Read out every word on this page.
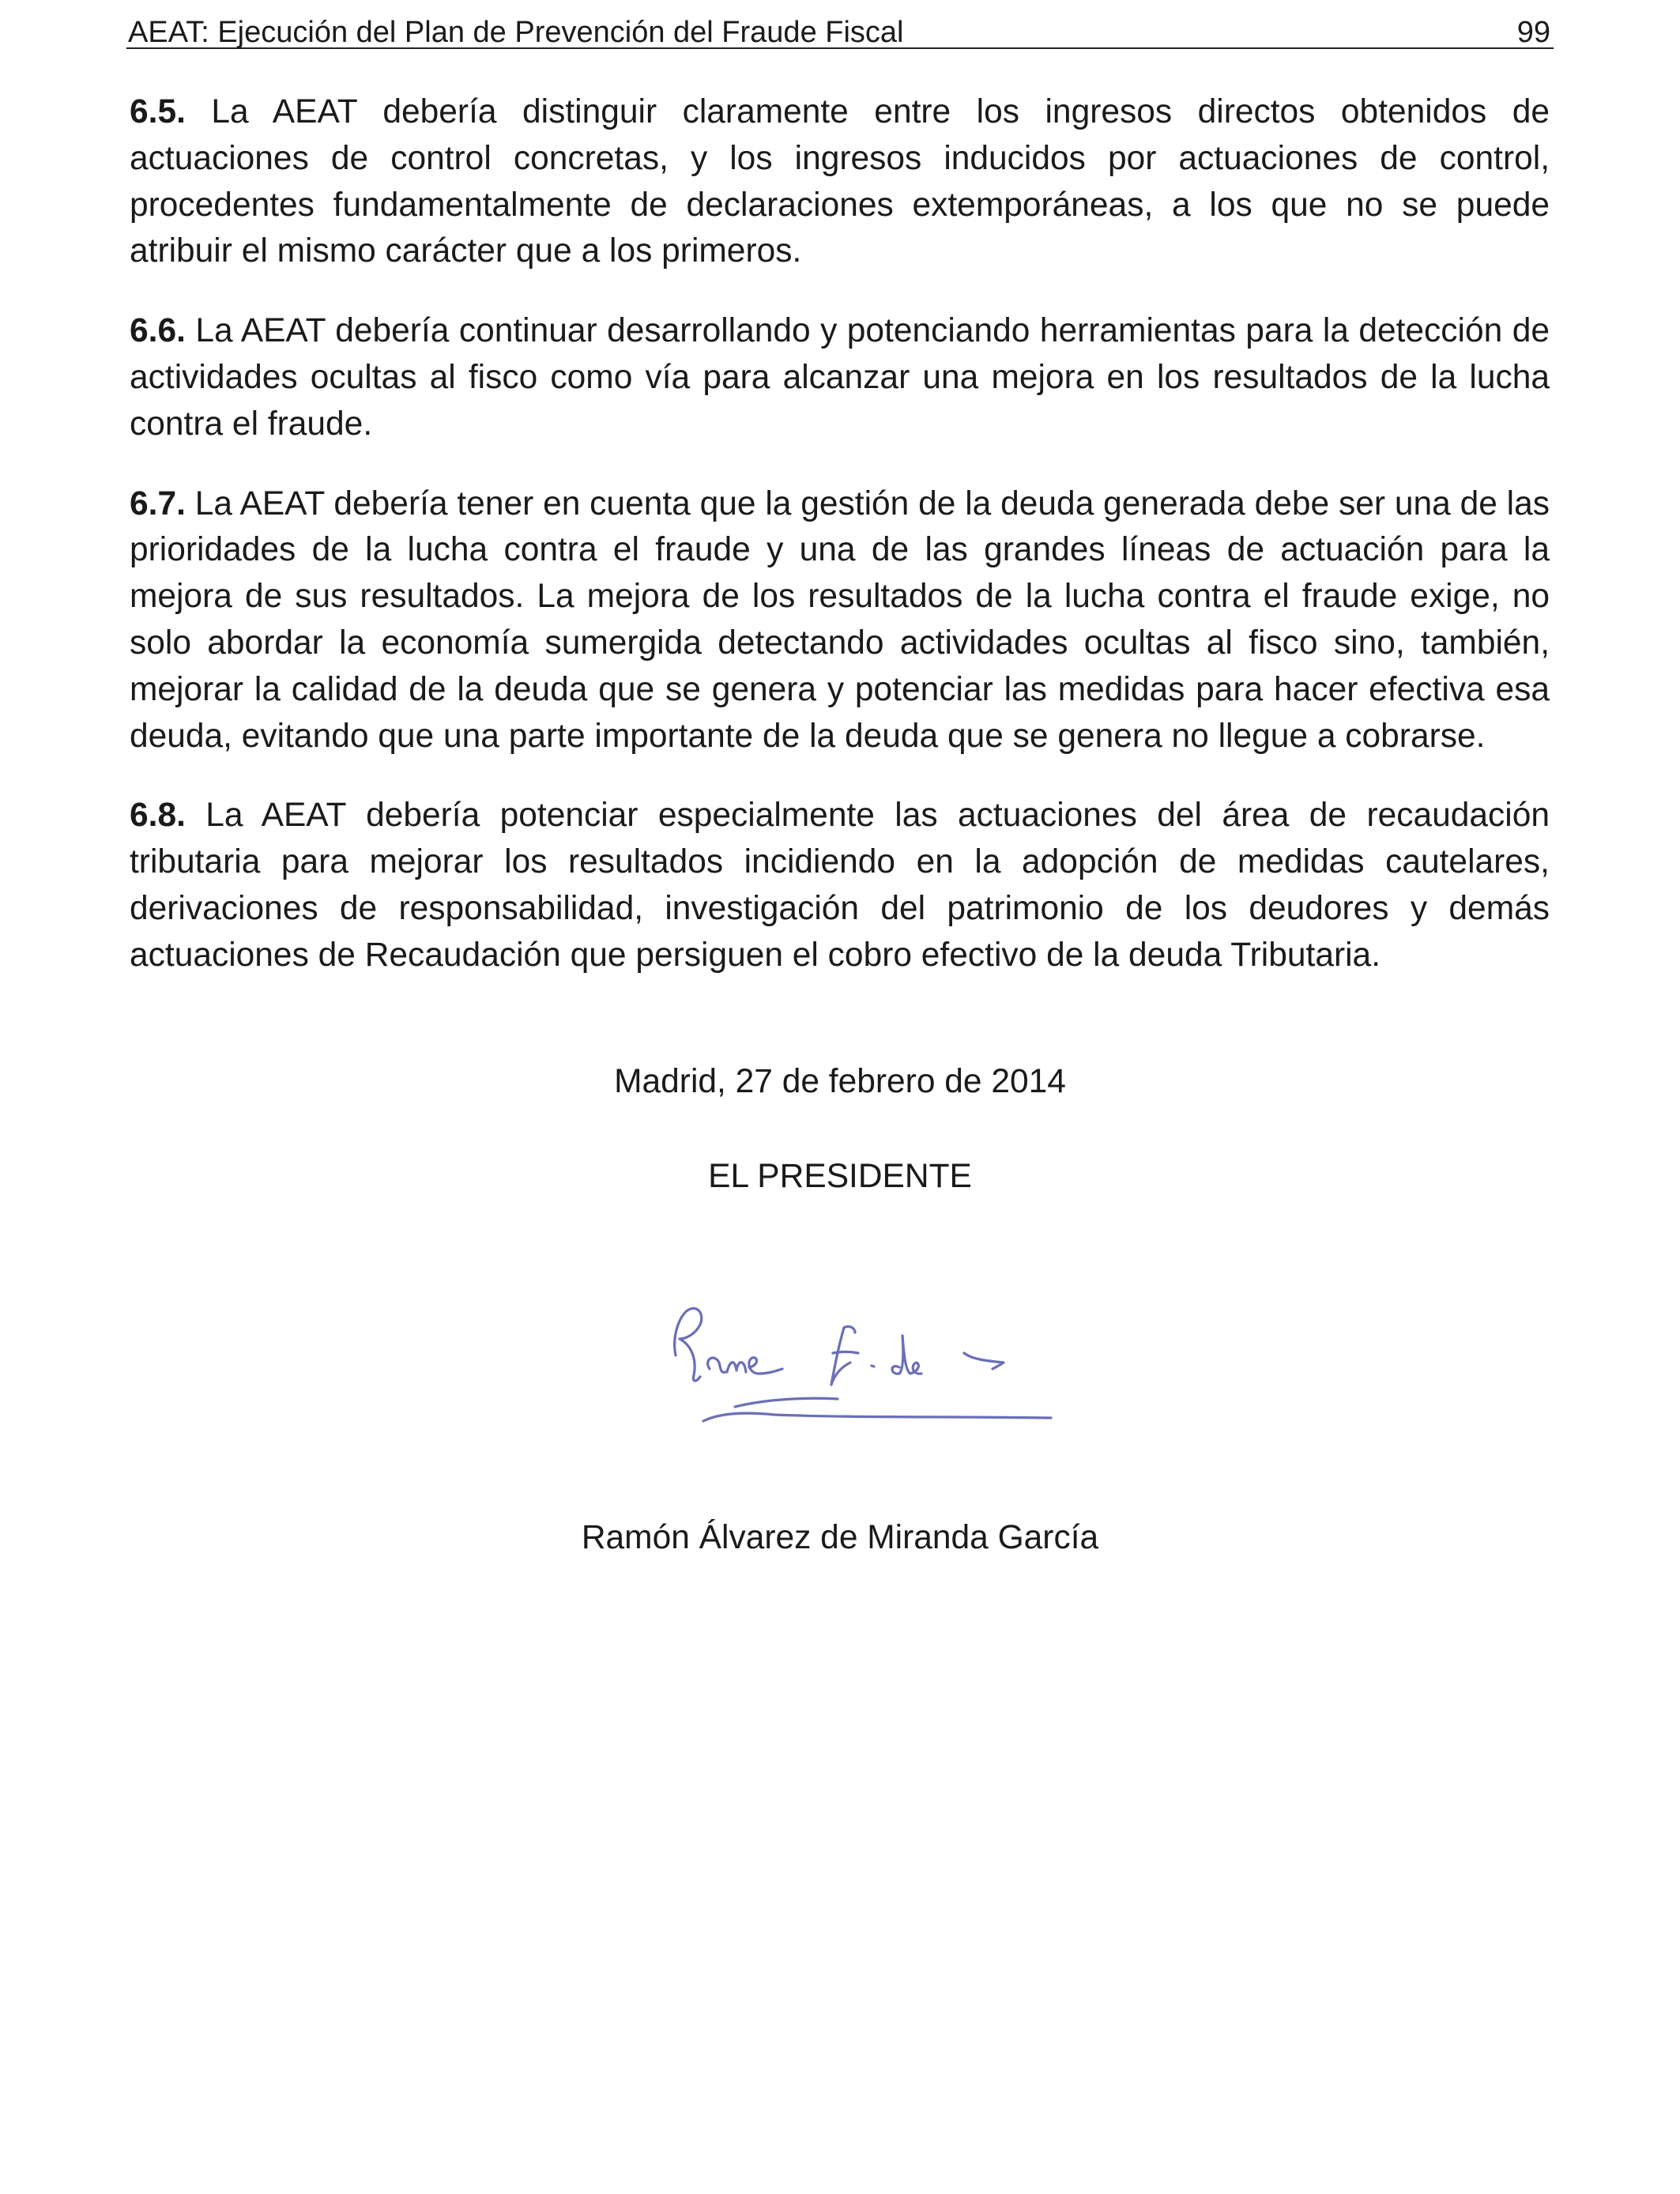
AEAT: Ejecución del Plan de Prevención del Fraude Fiscal	99

6.5. La AEAT debería distinguir claramente entre los ingresos directos obtenidos de actuaciones de control concretas, y los ingresos inducidos por actuaciones de control, procedentes fundamentalmente de declaraciones extemporáneas, a los que no se puede atribuir el mismo carácter que a los primeros.

6.6. La AEAT debería continuar desarrollando y potenciando herramientas para la detección de actividades ocultas al fisco como vía para alcanzar una mejora en los resultados de la lucha contra el fraude.

6.7. La AEAT debería tener en cuenta que la gestión de la deuda generada debe ser una de las prioridades de la lucha contra el fraude y una de las grandes líneas de actuación para la mejora de sus resultados. La mejora de los resultados de la lucha contra el fraude exige, no solo abordar la economía sumergida detectando actividades ocultas al fisco sino, también, mejorar la calidad de la deuda que se genera y potenciar las medidas para hacer efectiva esa deuda, evitando que una parte importante de la deuda que se genera no llegue a cobrarse.

6.8. La AEAT debería potenciar especialmente las actuaciones del área de recaudación tributaria para mejorar los resultados incidiendo en la adopción de medidas cautelares, derivaciones de responsabilidad, investigación del patrimonio de los deudores y demás actuaciones de Recaudación que persiguen el cobro efectivo de la deuda Tributaria.

Madrid, 27 de febrero de 2014
EL PRESIDENTE
Ramón Álvarez de Miranda García
